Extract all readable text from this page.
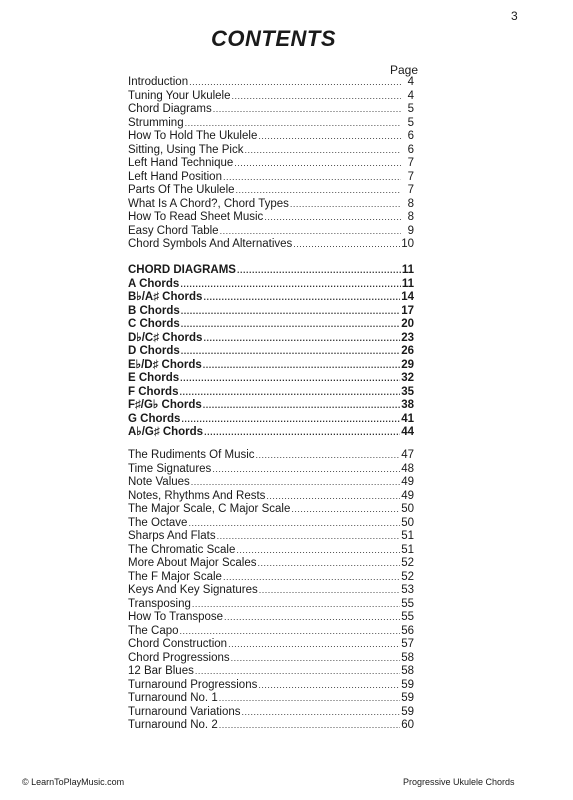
3
CONTENTS
Page
Introduction .....	4
Tuning Your Ukulele .....	4
Chord Diagrams .....	5
Strumming .....	5
How To Hold The Ukulele .....	6
Sitting, Using The Pick .....	6
Left Hand Technique .....	7
Left Hand Position .....	7
Parts Of The Ukulele .....	7
What Is A Chord?, Chord Types .....	8
How To Read Sheet Music .....	8
Easy Chord Table .....	9
Chord Symbols And Alternatives .....	10
CHORD DIAGRAMS .....	11
A Chords .....	11
B♭/A♯ Chords .....	14
B Chords .....	17
C Chords .....	20
D♭/C♯ Chords .....	23
D Chords .....	26
E♭/D♯ Chords .....	29
E Chords .....	32
F Chords .....	35
F♯/G♭ Chords .....	38
G Chords .....	41
A♭/G♯ Chords .....	44
The Rudiments Of Music .....	47
Time Signatures .....	48
Note Values .....	49
Notes, Rhythms And Rests .....	49
The Major Scale, C Major Scale .....	50
The Octave .....	50
Sharps And Flats .....	51
The Chromatic Scale .....	51
More About Major Scales .....	52
The F Major Scale .....	52
Keys And Key Signatures .....	53
Transposing .....	55
How To Transpose .....	55
The Capo .....	56
Chord Construction .....	57
Chord Progressions .....	58
12 Bar Blues .....	58
Turnaround Progressions .....	59
Turnaround No. 1 .....	59
Turnaround Variations .....	59
Turnaround No. 2 .....	60
© LearnToPlayMusic.com	Progressive Ukulele Chords
